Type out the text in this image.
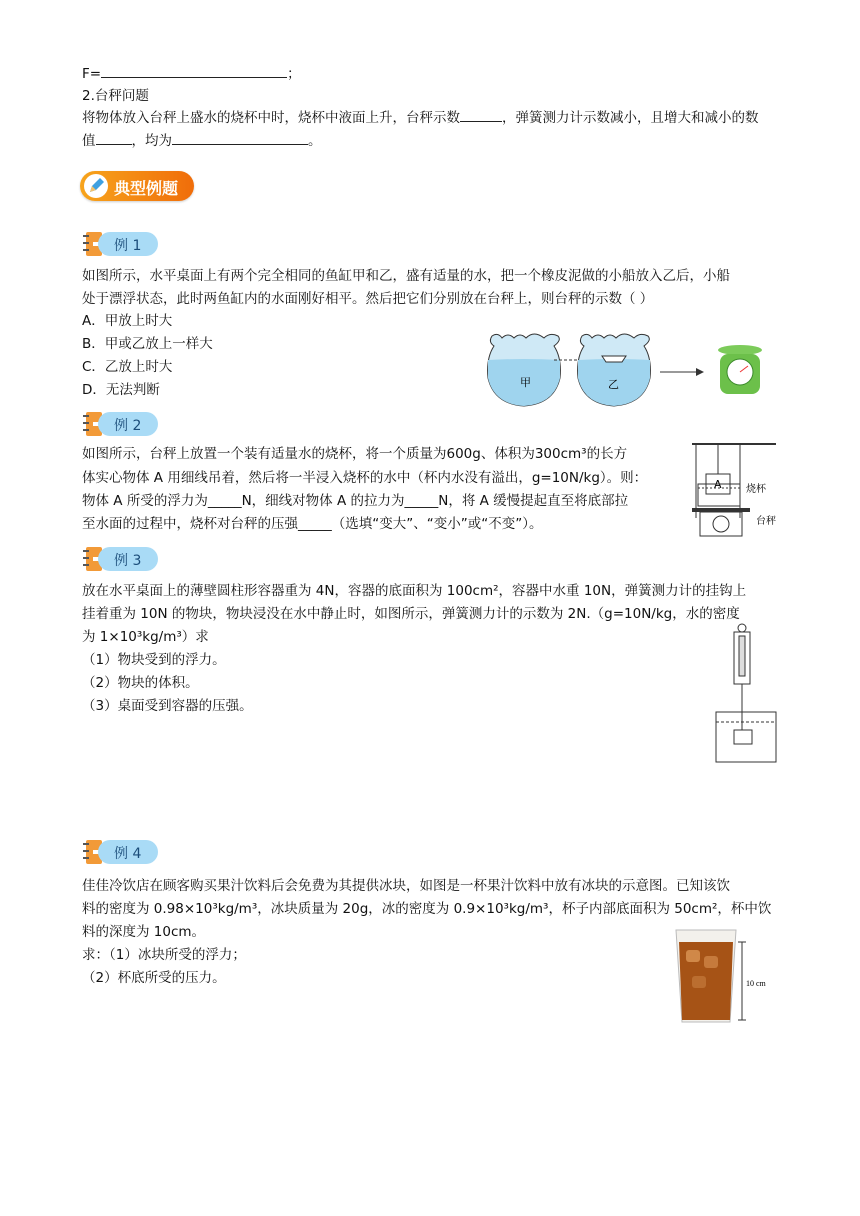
F=	；
2.台秤问题
将物体放入台秤上盛水的烧杯中时，烧杯中液面上升，台秤示数	，弹簧测力计示数减小，且增大和减小的数
值	，均为	。
典型例题
例 1
如图所示，水平桌面上有两个完全相同的鱼缸甲和乙，盛有适量的水，把一个橡皮泥做的小船放入乙后，小船
处于漂浮状态，此时两鱼缸内的水面刚好相平。然后把它们分别放在台秤上，则台秤的示数（ ）
A．甲放上时大
B．甲或乙放上一样大
C．乙放上时大
D．无法判断	甲	乙
例 2
如图所示，台秤上放置一个装有适量水的烧杯，将一个质量为600g、体积为300cm³的长方
体实心物体 A 用细线吊着，然后将一半浸入烧杯的水中（杯内水没有溢出，g=10N/kg）。则：
物体 A 所受的浮力为_____N，细线对物体 A 的拉力为_____N，将 A 缓慢提起直至将底部拉
至水面的过程中，烧杯对台秤的压强_____（选填“变大”、“变小”或“不变”）。
A 烧杯
台秤
例 3
放在水平桌面上的薄壁圆柱形容器重为 4N，容器的底面积为 100cm²，容器中水重 10N，弹簧测力计的挂钩上
挂着重为 10N 的物块，物块浸没在水中静止时，如图所示，弹簧测力计的示数为 2N.（g=10N/kg，水的密度
为 1×10³kg/m³）求
（1）物块受到的浮力。
（2）物块的体积。
（3）桌面受到容器的压强。
例 4
佳佳冷饮店在顾客购买果汁饮料后会免费为其提供冰块，如图是一杯果汁饮料中放有冰块的示意图。已知该饮
料的密度为 0.98×10³kg/m³，冰块质量为 20g，冰的密度为 0.9×10³kg/m³，杯子内部底面积为 50cm²，杯中饮
料的深度为 10cm。
求：（1）冰块所受的浮力；
（2）杯底所受的压力。	10 cm
